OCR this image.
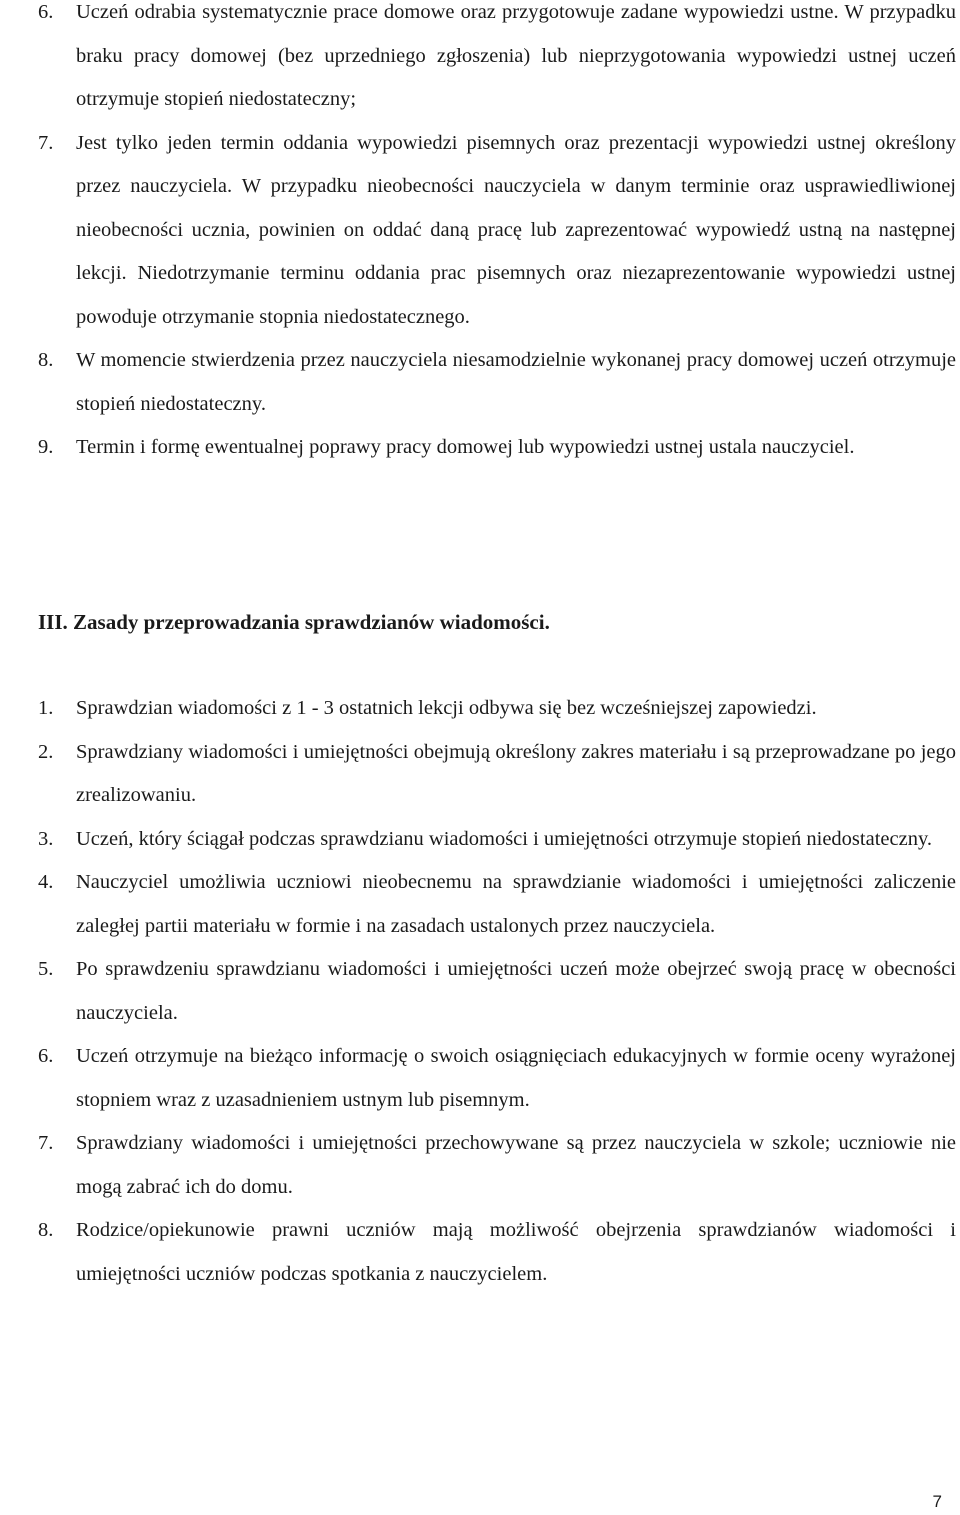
6. Uczeń odrabia systematycznie prace domowe oraz przygotowuje zadane wypowiedzi ustne. W przypadku braku pracy domowej (bez uprzedniego zgłoszenia) lub nieprzygotowania wypowiedzi ustnej uczeń otrzymuje stopień niedostateczny;
7. Jest tylko jeden termin oddania wypowiedzi pisemnych oraz prezentacji wypowiedzi ustnej określony przez nauczyciela. W przypadku nieobecności nauczyciela w danym terminie oraz usprawiedliwionej nieobecności ucznia, powinien on oddać daną pracę lub zaprezentować wypowiedź ustną na następnej lekcji. Niedotrzymanie terminu oddania prac pisemnych oraz niezaprezentowanie wypowiedzi ustnej powoduje otrzymanie stopnia niedostatecznego.
8. W momencie stwierdzenia przez nauczyciela niesamodzielnie wykonanej pracy domowej uczeń otrzymuje stopień niedostateczny.
9. Termin i formę ewentualnej poprawy pracy domowej lub wypowiedzi ustnej ustala nauczyciel.
III. Zasady przeprowadzania sprawdzianów wiadomości.
1. Sprawdzian wiadomości z 1 - 3 ostatnich lekcji odbywa się bez wcześniejszej zapowiedzi.
2. Sprawdziany wiadomości i umiejętności obejmują określony zakres materiału i są przeprowadzane po jego zrealizowaniu.
3. Uczeń, który ściągał podczas sprawdzianu wiadomości i umiejętności otrzymuje stopień niedostateczny.
4. Nauczyciel umożliwia uczniowi nieobecnemu na sprawdzianie wiadomości i umiejętności zaliczenie zaległej partii materiału w formie i na zasadach ustalonych przez nauczyciela.
5. Po sprawdzeniu sprawdzianu wiadomości i umiejętności uczeń może obejrzeć swoją pracę w obecności nauczyciela.
6. Uczeń otrzymuje na bieżąco informację o swoich osiągnięciach edukacyjnych w formie oceny wyrażonej stopniem wraz z uzasadnieniem ustnym lub pisemnym.
7. Sprawdziany wiadomości i umiejętności przechowywane są przez nauczyciela w szkole; uczniowie nie mogą zabrać ich do domu.
8. Rodzice/opiekunowie prawni uczniów mają możliwość obejrzenia sprawdzianów wiadomości i umiejętności uczniów podczas spotkania z nauczycielem.
7
